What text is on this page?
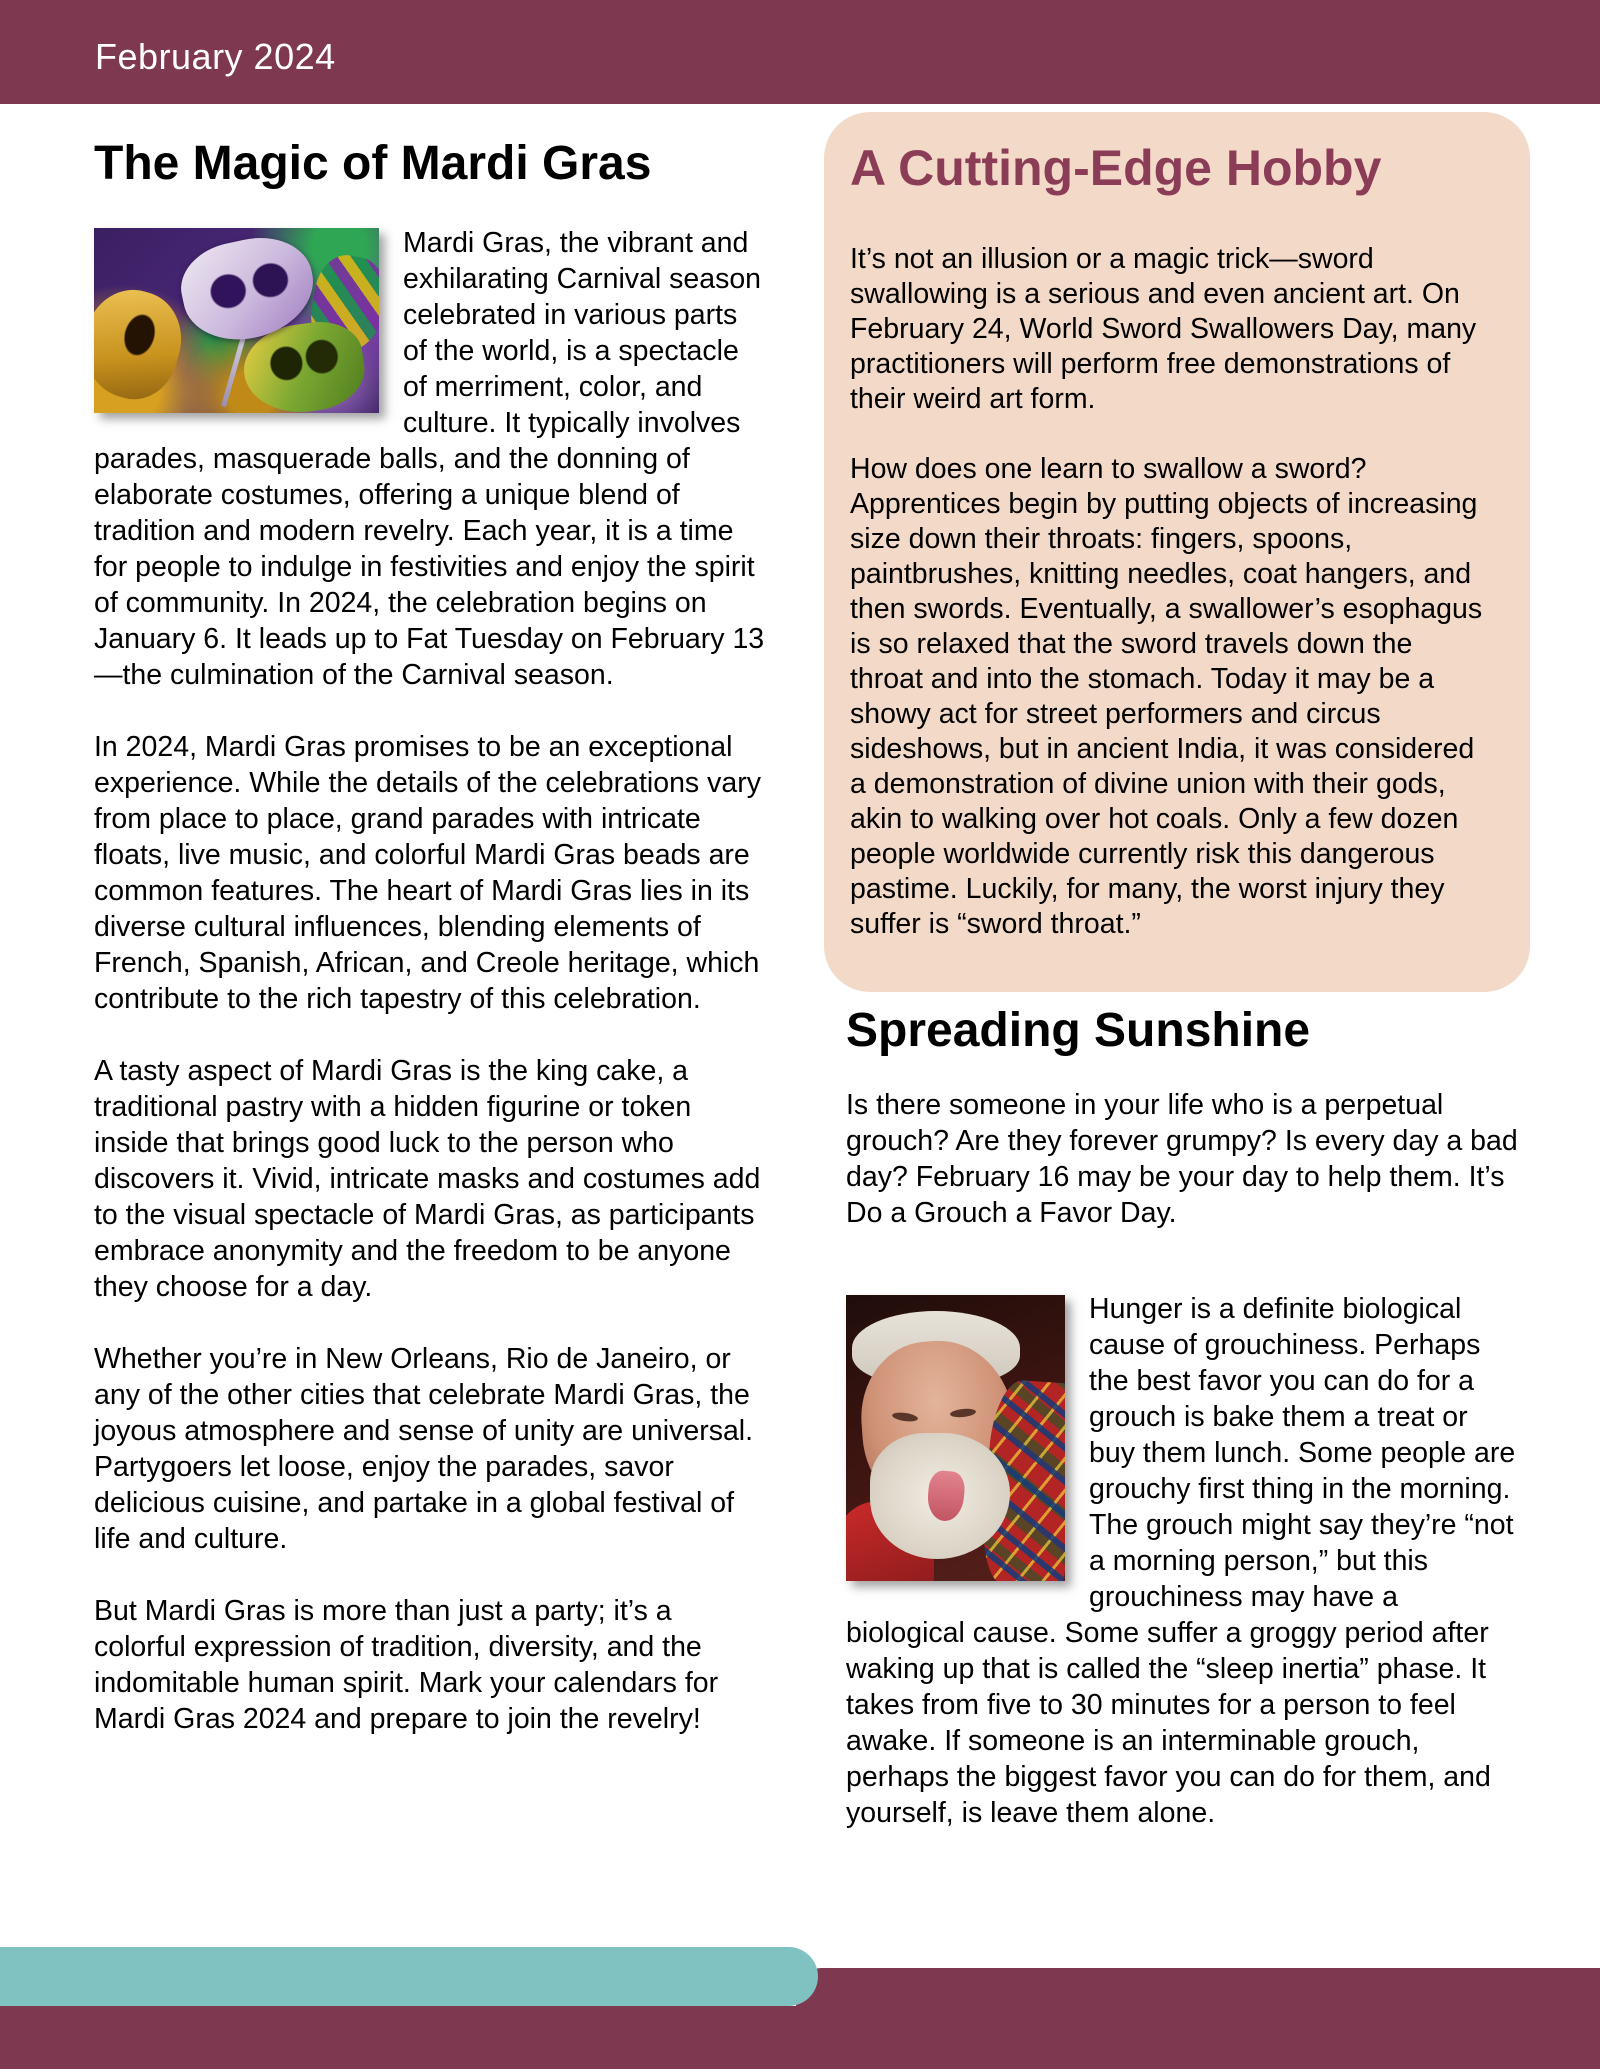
February 2024
The Magic of Mardi Gras

Mardi Gras, the vibrant and exhilarating Carnival season celebrated in various parts of the world, is a spectacle of merriment, color, and culture. It typically involves parades, masquerade balls, and the donning of elaborate costumes, offering a unique blend of tradition and modern revelry. Each year, it is a time for people to indulge in festivities and enjoy the spirit of community. In 2024, the celebration begins on January 6. It leads up to Fat Tuesday on February 13—the culmination of the Carnival season.

In 2024, Mardi Gras promises to be an exceptional experience. While the details of the celebrations vary from place to place, grand parades with intricate floats, live music, and colorful Mardi Gras beads are common features. The heart of Mardi Gras lies in its diverse cultural influences, blending elements of French, Spanish, African, and Creole heritage, which contribute to the rich tapestry of this celebration.

A tasty aspect of Mardi Gras is the king cake, a traditional pastry with a hidden figurine or token inside that brings good luck to the person who discovers it. Vivid, intricate masks and costumes add to the visual spectacle of Mardi Gras, as participants embrace anonymity and the freedom to be anyone they choose for a day.

Whether you’re in New Orleans, Rio de Janeiro, or any of the other cities that celebrate Mardi Gras, the joyous atmosphere and sense of unity are universal. Partygoers let loose, enjoy the parades, savor delicious cuisine, and partake in a global festival of life and culture.

But Mardi Gras is more than just a party; it’s a colorful expression of tradition, diversity, and the indomitable human spirit. Mark your calendars for Mardi Gras 2024 and prepare to join the revelry!

A Cutting-Edge Hobby

It’s not an illusion or a magic trick—sword swallowing is a serious and even ancient art. On February 24, World Sword Swallowers Day, many practitioners will perform free demonstrations of their weird art form.

How does one learn to swallow a sword? Apprentices begin by putting objects of increasing size down their throats: fingers, spoons, paintbrushes, knitting needles, coat hangers, and then swords. Eventually, a swallower’s esophagus is so relaxed that the sword travels down the throat and into the stomach. Today it may be a showy act for street performers and circus sideshows, but in ancient India, it was considered a demonstration of divine union with their gods, akin to walking over hot coals. Only a few dozen people worldwide currently risk this dangerous pastime. Luckily, for many, the worst injury they suffer is “sword throat.”

Spreading Sunshine

Is there someone in your life who is a perpetual grouch? Are they forever grumpy? Is every day a bad day? February 16 may be your day to help them. It’s Do a Grouch a Favor Day.

Hunger is a definite biological cause of grouchiness. Perhaps the best favor you can do for a grouch is bake them a treat or buy them lunch. Some people are grouchy first thing in the morning. The grouch might say they’re “not a morning person,” but this grouchiness may have a biological cause. Some suffer a groggy period after waking up that is called the “sleep inertia” phase. It takes from five to 30 minutes for a person to feel awake. If someone is an interminable grouch, perhaps the biggest favor you can do for them, and yourself, is leave them alone.
